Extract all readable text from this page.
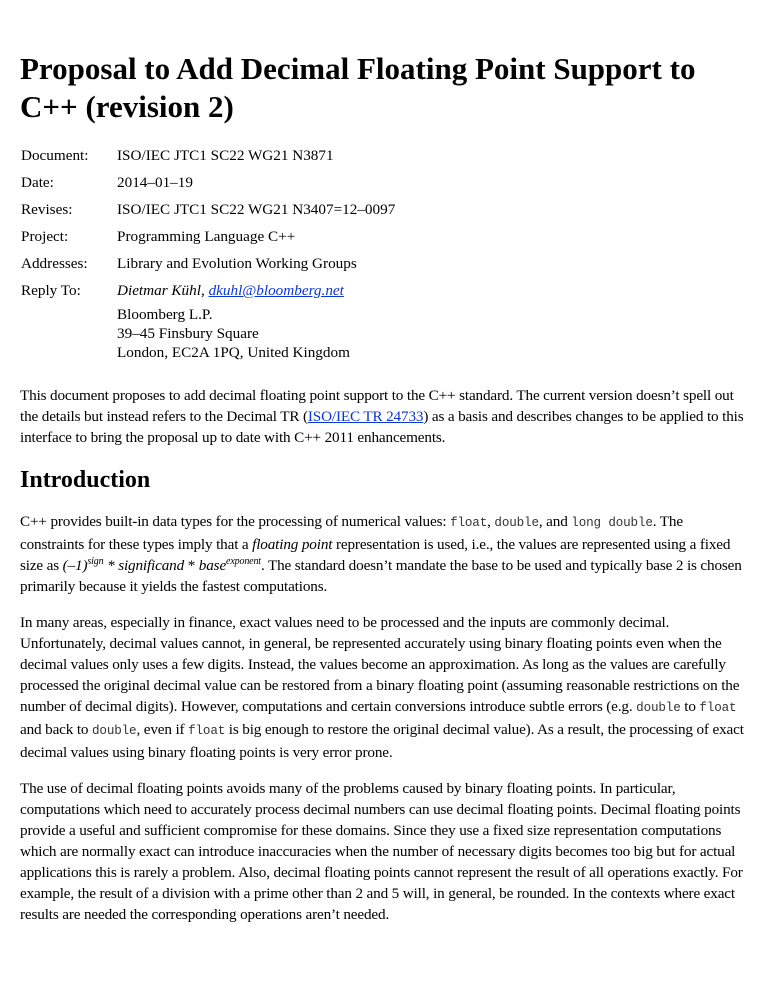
Proposal to Add Decimal Floating Point Support to C++ (revision 2)
Document:	ISO/IEC JTC1 SC22 WG21 N3871
Date:	2014–01–19
Revises:	ISO/IEC JTC1 SC22 WG21 N3407=12–0097
Project:	Programming Language C++
Addresses:	Library and Evolution Working Groups
Reply To:	Dietmar Kühl, dkuhl@bloomberg.net
Bloomberg L.P.
39–45 Finsbury Square
London, EC2A 1PQ, United Kingdom

This document proposes to add decimal floating point support to the C++ standard. The current version doesn’t spell out the details but instead refers to the Decimal TR (ISO/IEC TR 24733) as a basis and describes changes to be applied to this interface to bring the proposal up to date with C++ 2011 enhancements.

Introduction

C++ provides built-in data types for the processing of numerical values: float, double, and long double. The constraints for these types imply that a floating point representation is used, i.e., the values are represented using a fixed size as $(-1)^{sign}$ * significand * base$^{exponent}$. The standard doesn’t mandate the base to be used and typically base 2 is chosen primarily because it yields the fastest computations.

In many areas, especially in finance, exact values need to be processed and the inputs are commonly decimal. Unfortunately, decimal values cannot, in general, be represented accurately using binary floating points even when the decimal values only uses a few digits. Instead, the values become an approximation. As long as the values are carefully processed the original decimal value can be restored from a binary floating point (assuming reasonable restrictions on the number of decimal digits). However, computations and certain conversions introduce subtle errors (e.g. double to float and back to double, even if float is big enough to restore the original decimal value). As a result, the processing of exact decimal values using binary floating points is very error prone.

The use of decimal floating points avoids many of the problems caused by binary floating points. In particular, computations which need to accurately process decimal numbers can use decimal floating points. Decimal floating points provide a useful and sufficient compromise for these domains. Since they use a fixed size representation computations which are normally exact can introduce inaccuracies when the number of necessary digits becomes too big but for actual applications this is rarely a problem. Also, decimal floating points cannot represent the result of all operations exactly. For example, the result of a division with a prime other than 2 and 5 will, in general, be rounded. In the contexts where exact results are needed the corresponding operations aren’t needed.
